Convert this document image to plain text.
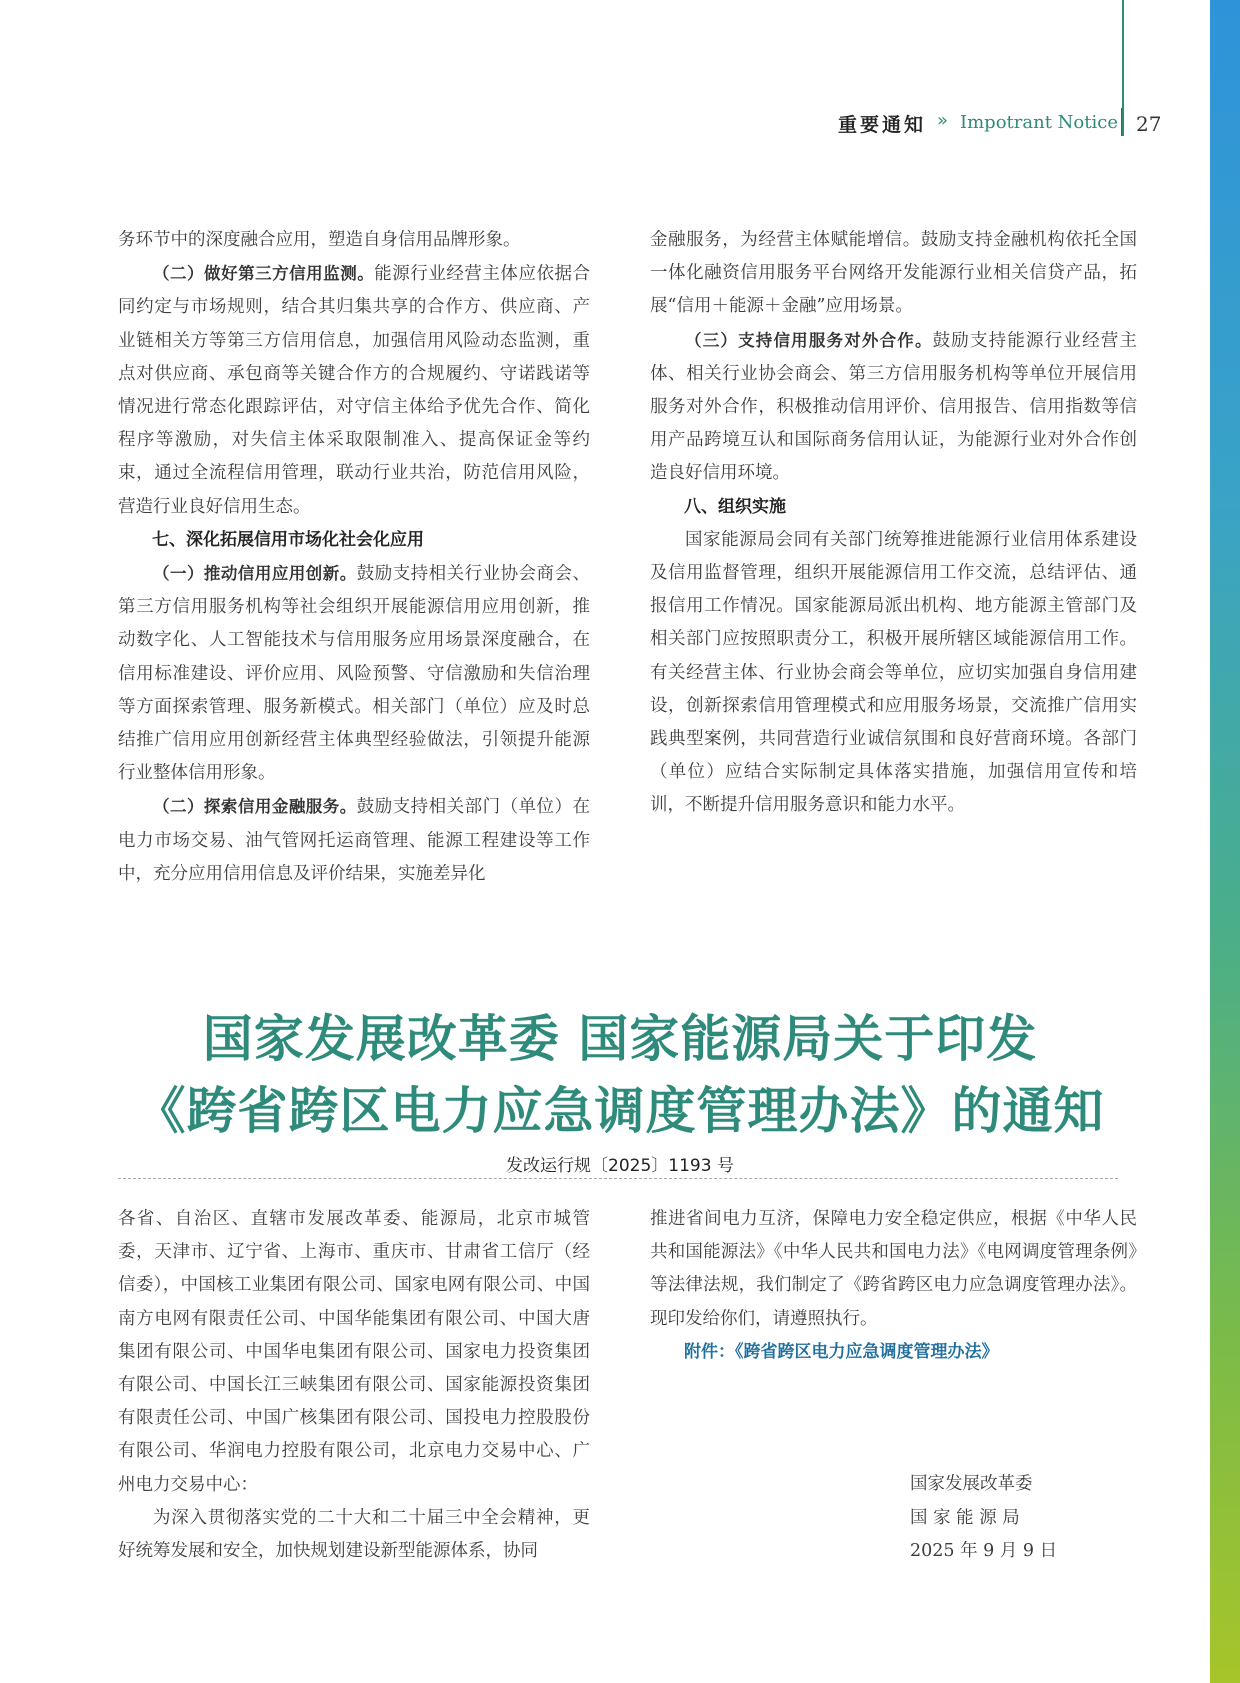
重要通知 » Impotrant Notice 27

务环节中的深度融合应用，塑造自身信用品牌形象。

（二）做好第三方信用监测。能源行业经营主体应依据合同约定与市场规则，结合其归集共享的合作方、供应商、产业链相关方等第三方信用信息，加强信用风险动态监测，重点对供应商、承包商等关键合作方的合规履约、守诺践诺等情况进行常态化跟踪评估，对守信主体给予优先合作、简化程序等激励，对失信主体采取限制准入、提高保证金等约束，通过全流程信用管理，联动行业共治，防范信用风险，营造行业良好信用生态。

七、深化拓展信用市场化社会化应用

（一）推动信用应用创新。鼓励支持相关行业协会商会、第三方信用服务机构等社会组织开展能源信用应用创新，推动数字化、人工智能技术与信用服务应用场景深度融合，在信用标准建设、评价应用、风险预警、守信激励和失信治理等方面探索管理、服务新模式。相关部门（单位）应及时总结推广信用应用创新经营主体典型经验做法，引领提升能源行业整体信用形象。

（二）探索信用金融服务。鼓励支持相关部门（单位）在电力市场交易、油气管网托运商管理、能源工程建设等工作中，充分应用信用信息及评价结果，实施差异化

金融服务，为经营主体赋能增信。鼓励支持金融机构依托全国一体化融资信用服务平台网络开发能源行业相关信贷产品，拓展“信用＋能源＋金融”应用场景。

（三）支持信用服务对外合作。鼓励支持能源行业经营主体、相关行业协会商会、第三方信用服务机构等单位开展信用服务对外合作，积极推动信用评价、信用报告、信用指数等信用产品跨境互认和国际商务信用认证，为能源行业对外合作创造良好信用环境。

八、组织实施

国家能源局会同有关部门统筹推进能源行业信用体系建设及信用监督管理，组织开展能源信用工作交流，总结评估、通报信用工作情况。国家能源局派出机构、地方能源主管部门及相关部门应按照职责分工，积极开展所辖区域能源信用工作。有关经营主体、行业协会商会等单位，应切实加强自身信用建设，创新探索信用管理模式和应用服务场景，交流推广信用实践典型案例，共同营造行业诚信氛围和良好营商环境。各部门（单位）应结合实际制定具体落实措施，加强信用宣传和培训，不断提升信用服务意识和能力水平。

国家发展改革委 国家能源局关于印发
《跨省跨区电力应急调度管理办法》的通知
发改运行规〔2025〕1193 号

各省、自治区、直辖市发展改革委、能源局，北京市城管委，天津市、辽宁省、上海市、重庆市、甘肃省工信厅（经信委），中国核工业集团有限公司、国家电网有限公司、中国南方电网有限责任公司、中国华能集团有限公司、中国大唐集团有限公司、中国华电集团有限公司、国家电力投资集团有限公司、中国长江三峡集团有限公司、国家能源投资集团有限责任公司、中国广核集团有限公司、国投电力控股股份有限公司、华润电力控股有限公司，北京电力交易中心、广州电力交易中心：

为深入贯彻落实党的二十大和二十届三中全会精神，更好统筹发展和安全，加快规划建设新型能源体系，协同

推进省间电力互济，保障电力安全稳定供应，根据《中华人民共和国能源法》《中华人民共和国电力法》《电网调度管理条例》等法律法规，我们制定了《跨省跨区电力应急调度管理办法》。现印发给你们，请遵照执行。

附件：《跨省跨区电力应急调度管理办法》

国家发展改革委
国 家 能 源 局
2025 年 9 月 9 日
